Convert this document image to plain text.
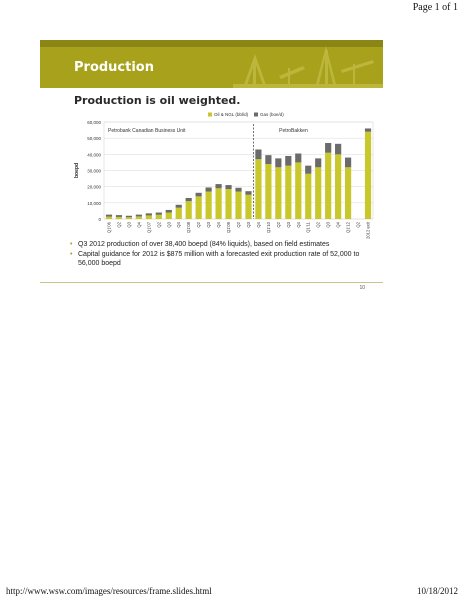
Page 1 of 1
Production
Production is oil weighted.
0
10,000
20,000
30,000
40,000
50,000
60,000
boepd
Q1'06 Q2 Q3 Q4 Q1'07 Q2 Q3 Q4 Q1'08 Q2 Q3 Q4 Q1'09 Q2 Q3 Q4 Q1'10 Q2 Q3 Q4 Q1'11 Q2 Q3 Q4 Q1'12 Q2 2012 exit
Petrobank Canadian Business Unit	PetroBakken
Oil & NGL (bbl/d)	Gas (boe/d)
• Q3 2012 production of over 38,400 boepd (84% liquids), based on field estimates
• Capital guidance for 2012 is $875 million with a forecasted exit production rate of 52,000 to 56,000 boepd
10
http://www.wsw.com/images/resources/frame.slides.html	10/18/2012
